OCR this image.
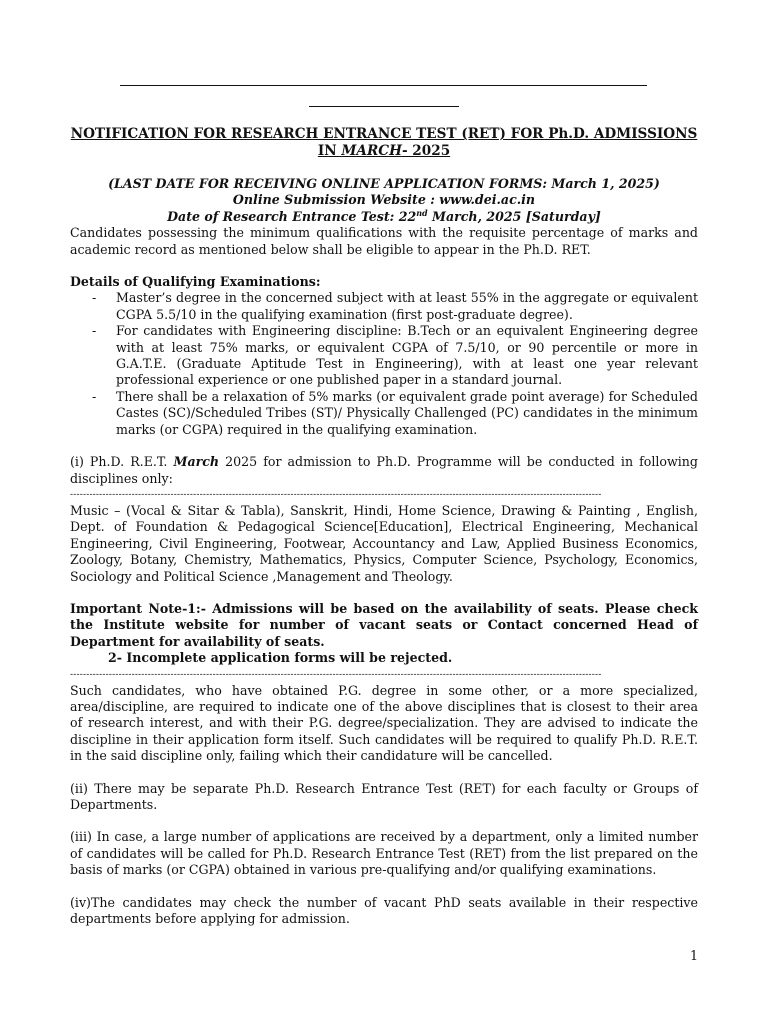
NOTIFICATION FOR RESEARCH ENTRANCE TEST (RET) FOR Ph.D. ADMISSIONS
IN MARCH- 2025
(LAST DATE FOR RECEIVING ONLINE APPLICATION FORMS: March 1, 2025)
Online Submission Website : www.dei.ac.in
Date of Research Entrance Test: 22nd March, 2025 [Saturday]

Candidates possessing the minimum qualifications with the requisite percentage of marks and academic record as mentioned below shall be eligible to appear in the Ph.D. RET.

Details of Qualifying Examinations:
- Master’s degree in the concerned subject with at least 55% in the aggregate or equivalent CGPA 5.5/10 in the qualifying examination (first post-graduate degree).
- For candidates with Engineering discipline: B.Tech or an equivalent Engineering degree with at least 75% marks, or equivalent CGPA of 7.5/10, or 90 percentile or more in G.A.T.E. (Graduate Aptitude Test in Engineering), with at least one year relevant professional experience or one published paper in a standard journal.
- There shall be a relaxation of 5% marks (or equivalent grade point average) for Scheduled Castes (SC)/Scheduled Tribes (ST)/ Physically Challenged (PC) candidates in the minimum marks (or CGPA) required in the qualifying examination.

(i) Ph.D. R.E.T. March 2025 for admission to Ph.D. Programme will be conducted in following disciplines only:

--------------------------------------------------------------------------------------------------------------------------------------------------------------------

Music – (Vocal & Sitar & Tabla), Sanskrit, Hindi, Home Science, Drawing & Painting , English, Dept. of Foundation & Pedagogical Science[Education], Electrical Engineering, Mechanical Engineering, Civil Engineering, Footwear, Accountancy and Law, Applied Business Economics, Zoology, Botany, Chemistry, Mathematics, Physics, Computer Science, Psychology, Economics, Sociology and Political Science ,Management and Theology.

Important Note-1:- Admissions will be based on the availability of seats. Please check the Institute website for number of vacant seats or Contact concerned Head of Department for availability of seats.

2- Incomplete application forms will be rejected.
--------------------------------------------------------------------------------------------------------------------------------------------------------------------

Such candidates, who have obtained P.G. degree in some other, or a more specialized, area/discipline, are required to indicate one of the above disciplines that is closest to their area of research interest, and with their P.G. degree/specialization. They are advised to indicate the discipline in their application form itself. Such candidates will be required to qualify Ph.D. R.E.T. in the said discipline only, failing which their candidature will be cancelled.

(ii) There may be separate Ph.D. Research Entrance Test (RET) for each faculty or Groups of Departments.

(iii) In case, a large number of applications are received by a department, only a limited number of candidates will be called for Ph.D. Research Entrance Test (RET) from the list prepared on the basis of marks (or CGPA) obtained in various pre-qualifying and/or qualifying examinations.

(iv)The candidates may check the number of vacant PhD seats available in their respective departments before applying for admission.

1
